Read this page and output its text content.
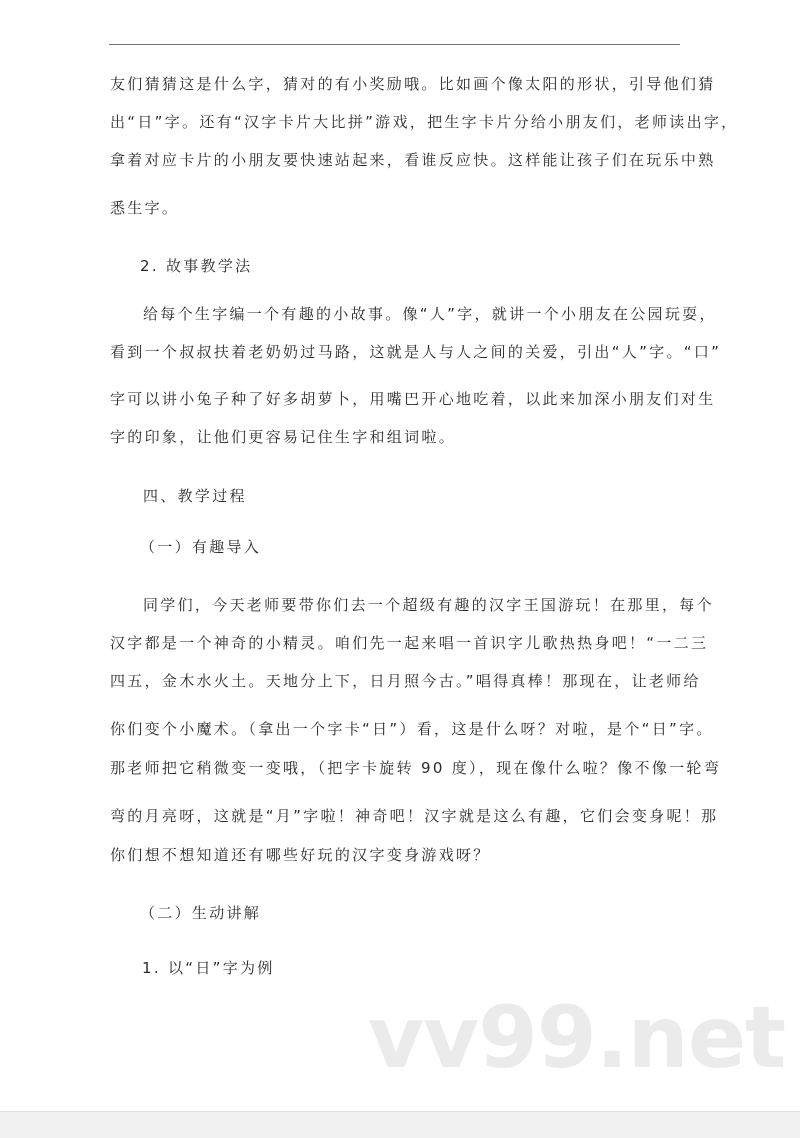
友们猜猜这是什么字，猜对的有小奖励哦。比如画个像太阳的形状，引导他们猜
出“日”字。还有“汉字卡片大比拼”游戏，把生字卡片分给小朋友们，老师读出字，
拿着对应卡片的小朋友要快速站起来，看谁反应快。这样能让孩子们在玩乐中熟
悉生字。
2. 故事教学法
给每个生字编一个有趣的小故事。像“人”字，就讲一个小朋友在公园玩耍，
看到一个叔叔扶着老奶奶过马路，这就是人与人之间的关爱，引出“人”字。“口”
字可以讲小兔子种了好多胡萝卜，用嘴巴开心地吃着，以此来加深小朋友们对生
字的印象，让他们更容易记住生字和组词啦。
四、教学过程
（一）有趣导入
同学们，今天老师要带你们去一个超级有趣的汉字王国游玩！在那里，每个
汉字都是一个神奇的小精灵。咱们先一起来唱一首识字儿歌热热身吧！“一二三
四五，金木水火土。天地分上下，日月照今古。”唱得真棒！那现在，让老师给
你们变个小魔术。（拿出一个字卡“日”）看，这是什么呀？对啦，是个“日”字。
那老师把它稍微变一变哦，（把字卡旋转 90 度），现在像什么啦？像不像一轮弯
弯的月亮呀，这就是“月”字啦！神奇吧！汉字就是这么有趣，它们会变身呢！那
你们想不想知道还有哪些好玩的汉字变身游戏呀？
（二）生动讲解
1. 以“日”字为例
vv99.net
